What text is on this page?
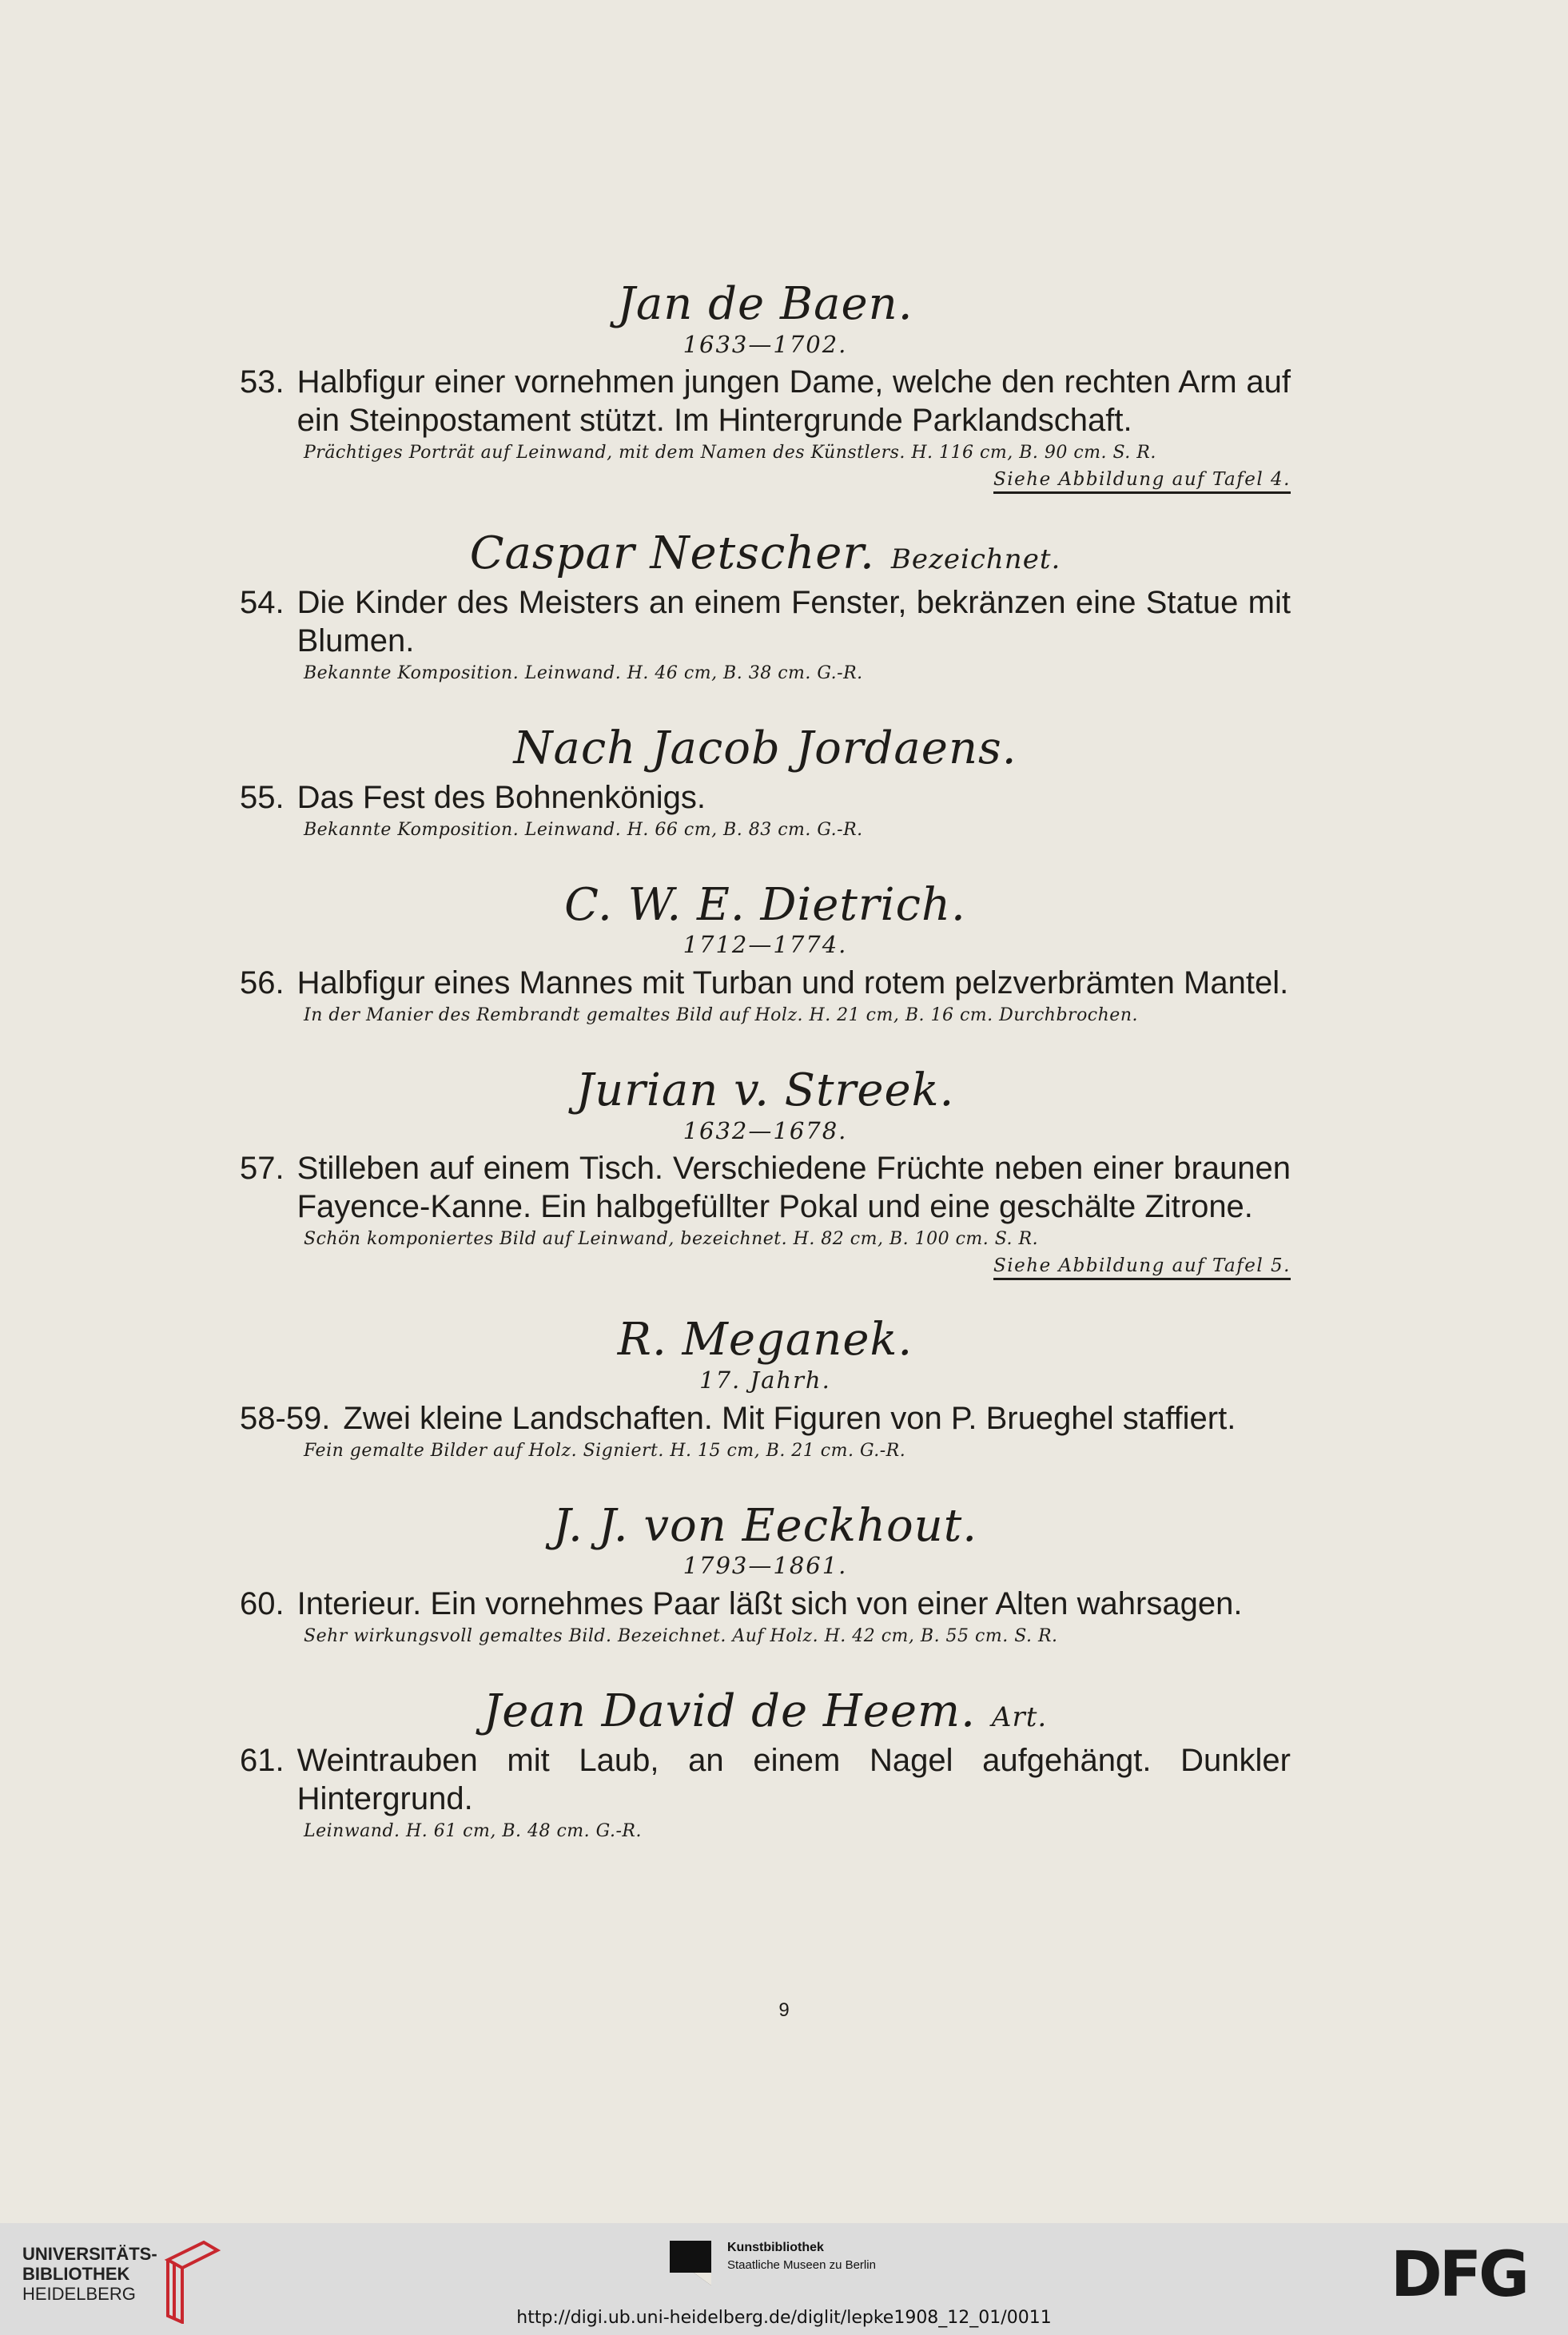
Jan de Baen.
1633—1702.
53. Halbfigur einer vornehmen jungen Dame, welche den rechten Arm auf ein Steinpostament stützt. Im Hintergrunde Parklandschaft.
Prächtiges Porträt auf Leinwand, mit dem Namen des Künstlers. H. 116 cm, B. 90 cm. S. R.
Siehe Abbildung auf Tafel 4.
Caspar Netscher. Bezeichnet.
54. Die Kinder des Meisters an einem Fenster, bekränzen eine Statue mit Blumen.
Bekannte Komposition. Leinwand. H. 46 cm, B. 38 cm. G.-R.
Nach Jacob Jordaens.
55. Das Fest des Bohnenkönigs.
Bekannte Komposition. Leinwand. H. 66 cm, B. 83 cm. G.-R.
C. W. E. Dietrich.
1712—1774.
56. Halbfigur eines Mannes mit Turban und rotem pelzverbrämten Mantel.
In der Manier des Rembrandt gemaltes Bild auf Holz. H. 21 cm, B. 16 cm. Durchbrochen.
Jurian v. Streek.
1632—1678.
57. Stilleben auf einem Tisch. Verschiedene Früchte neben einer braunen Fayence-Kanne. Ein halbgefüllter Pokal und eine geschälte Zitrone.
Schön komponiertes Bild auf Leinwand, bezeichnet. H. 82 cm, B. 100 cm. S. R.
Siehe Abbildung auf Tafel 5.
R. Meganek.
17. Jahrh.
58-59. Zwei kleine Landschaften. Mit Figuren von P. Brueghel staffiert.
Fein gemalte Bilder auf Holz. Signiert. H. 15 cm, B. 21 cm. G.-R.
J. J. von Eeckhout.
1793—1861.
60. Interieur. Ein vornehmes Paar läßt sich von einer Alten wahrsagen.
Sehr wirkungsvoll gemaltes Bild. Bezeichnet. Auf Holz. H. 42 cm, B. 55 cm. S. R.
Jean David de Heem. Art.
61. Weintrauben mit Laub, an einem Nagel aufgehängt. Dunkler Hintergrund.
Leinwand. H. 61 cm, B. 48 cm. G.-R.
9
UNIVERSITÄTS-
BIBLIOTHEK
HEIDELBERG
Kunstbibliothek
Staatliche Museen zu Berlin	DFG
http://digi.ub.uni-heidelberg.de/diglit/lepke1908_12_01/0011
